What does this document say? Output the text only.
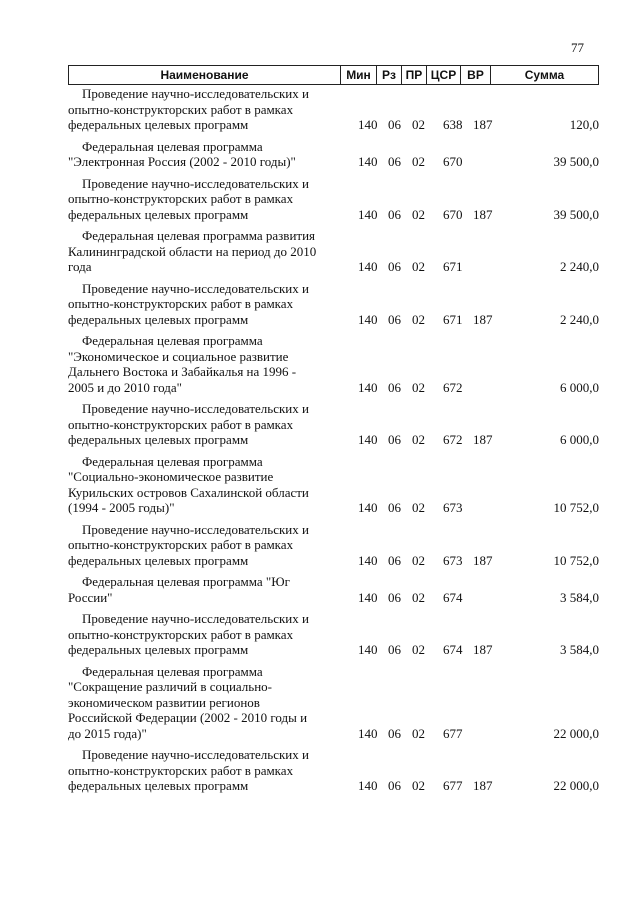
77
Наименование	Мин Рз ПР ЦСР ВР	Сумма
Проведение научно-исследовательских и
опытно-конструкторских работ в рамках
федеральных целевых программ	140 06 02 638 187	120,0
Федеральная целевая программа
"Электронная Россия (2002 - 2010 годы)"	140 06 02 670	39 500,0
Проведение научно-исследовательских и
опытно-конструкторских работ в рамках
федеральных целевых программ	140 06 02 670 187	39 500,0
Федеральная целевая программа развития
Калининградской области на период до 2010
года	140 06 02 671	2 240,0
Проведение научно-исследовательских и
опытно-конструкторских работ в рамках
федеральных целевых программ	140 06 02 671 187	2 240,0
Федеральная целевая программа
"Экономическое и социальное развитие
Дальнего Востока и Забайкалья на 1996 -
2005 и до 2010 года"	140 06 02 672	6 000,0
Проведение научно-исследовательских и
опытно-конструкторских работ в рамках
федеральных целевых программ	140 06 02 672 187	6 000,0
Федеральная целевая программа
"Социально-экономическое развитие
Курильских островов Сахалинской области
(1994 - 2005 годы)"	140 06 02 673	10 752,0
Проведение научно-исследовательских и
опытно-конструкторских работ в рамках
федеральных целевых программ	140 06 02 673 187	10 752,0
Федеральная целевая программа "Юг
России"	140 06 02 674	3 584,0
Проведение научно-исследовательских и
опытно-конструкторских работ в рамках
федеральных целевых программ	140 06 02 674 187	3 584,0
Федеральная целевая программа
"Сокращение различий в социально-
экономическом развитии регионов
Российской Федерации (2002 - 2010 годы и
до 2015 года)"	140 06 02 677	22 000,0
Проведение научно-исследовательских и
опытно-конструкторских работ в рамках
федеральных целевых программ	140 06 02 677 187	22 000,0
